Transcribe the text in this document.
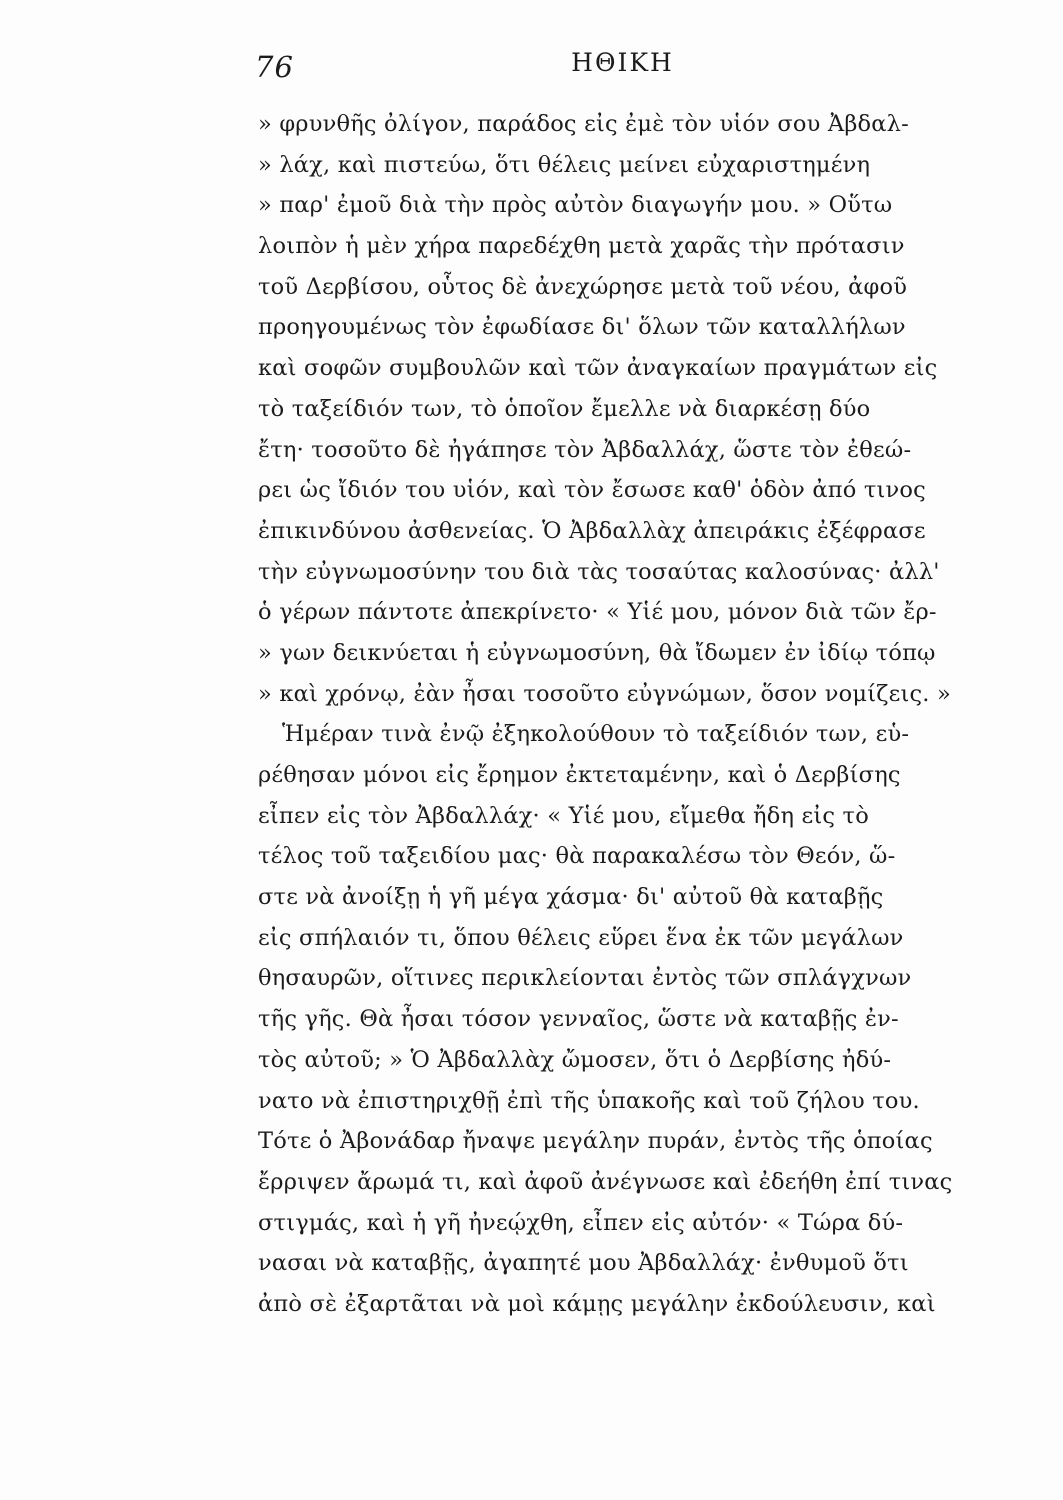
76	ΗΘΙΚΗ
» φρυνθῆς ὀλίγον, παράδος εἰς ἐμὲ τὸν υἱόν σου Ἀβδαλ-
» λάχ, καὶ πιστεύω, ὅτι θέλεις μείνει εὐχαριστημένη
» παρ' ἐμοῦ διὰ τὴν πρὸς αὐτὸν διαγωγήν μου. » Οὕτω
λοιπὸν ἡ μὲν χήρα παρεδέχθη μετὰ χαρᾶς τὴν πρότασιν
τοῦ Δερβίσου, οὗτος δὲ ἀνεχώρησε μετὰ τοῦ νέου, ἀφοῦ
προηγουμένως τὸν ἐφωδίασε δι' ὅλων τῶν καταλλήλων
καὶ σοφῶν συμβουλῶν καὶ τῶν ἀναγκαίων πραγμάτων εἰς
τὸ ταξείδιόν των, τὸ ὁποῖον ἔμελλε νὰ διαρκέσῃ δύο
ἔτη· τοσοῦτο δὲ ἠγάπησε τὸν Ἀβδαλλάχ, ὥστε τὸν ἐθεώ-
ρει ὡς ἴδιόν του υἱόν, καὶ τὸν ἔσωσε καθ' ὁδὸν ἀπό τινος
ἐπικινδύνου ἀσθενείας. Ὁ Ἀβδαλλὰχ ἀπειράκις ἐξέφρασε
τὴν εὐγνωμοσύνην του διὰ τὰς τοσαύτας καλοσύνας· ἀλλ'
ὁ γέρων πάντοτε ἀπεκρίνετο· « Υἱέ μου, μόνον διὰ τῶν ἔρ-
» γων δεικνύεται ἡ εὐγνωμοσύνη, θὰ ἴδωμεν ἐν ἰδίῳ τόπῳ
» καὶ χρόνῳ, ἐὰν ἦσαι τοσοῦτο εὐγνώμων, ὅσον νομίζεις. »
Ἡμέραν τινὰ ἐνῷ ἐξηκολούθουν τὸ ταξείδιόν των, εὑ-
ρέθησαν μόνοι εἰς ἔρημον ἐκτεταμένην, καὶ ὁ Δερβίσης
εἶπεν εἰς τὸν Ἀβδαλλάχ· « Υἱέ μου, εἴμεθα ἤδη εἰς τὸ
τέλος τοῦ ταξειδίου μας· θὰ παρακαλέσω τὸν Θεόν, ὥ-
στε νὰ ἀνοίξῃ ἡ γῆ μέγα χάσμα· δι' αὐτοῦ θὰ καταβῇς
εἰς σπήλαιόν τι, ὅπου θέλεις εὕρει ἕνα ἐκ τῶν μεγάλων
θησαυρῶν, οἵτινες περικλείονται ἐντὸς τῶν σπλάγχνων
τῆς γῆς. Θὰ ἦσαι τόσον γενναῖος, ὥστε νὰ καταβῇς ἐν-
τὸς αὐτοῦ; » Ὁ Ἀβδαλλὰχ ὤμοσεν, ὅτι ὁ Δερβίσης ἠδύ-
νατο νὰ ἐπιστηριχθῇ ἐπὶ τῆς ὑπακοῆς καὶ τοῦ ζήλου του.
Τότε ὁ Ἀβονάδαρ ἤναψε μεγάλην πυράν, ἐντὸς τῆς ὁποίας
ἔρριψεν ἄρωμά τι, καὶ ἀφοῦ ἀνέγνωσε καὶ ἐδεήθη ἐπί τινας
στιγμάς, καὶ ἡ γῆ ἠνεῴχθη, εἶπεν εἰς αὐτόν· « Τώρα δύ-
νασαι νὰ καταβῇς, ἀγαπητέ μου Ἀβδαλλάχ· ἐνθυμοῦ ὅτι
ἀπὸ σὲ ἐξαρτᾶται νὰ μοὶ κάμῃς μεγάλην ἐκδούλευσιν, καὶ
